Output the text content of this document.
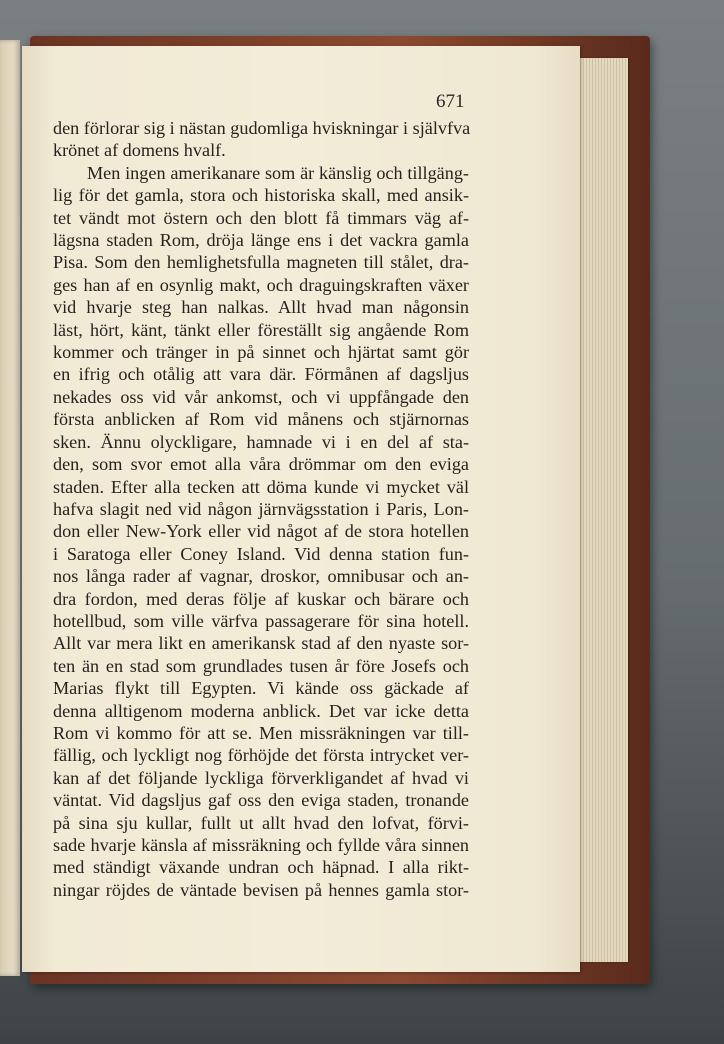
671
den förlorar sig i nästan gudomliga hviskningar i självfva
krönet af domens hvalf.
Men ingen amerikanare som är känslig och tillgäng-
lig för det gamla, stora och historiska skall, med ansik-
tet vändt mot östern och den blott få timmars väg af-
lägsna staden Rom, dröja länge ens i det vackra gamla
Pisa. Som den hemlighetsfulla magneten till stålet, dra-
ges han af en osynlig makt, och draguingskraften växer
vid hvarje steg han nalkas. Allt hvad man någonsin
läst, hört, känt, tänkt eller föreställt sig angående Rom
kommer och tränger in på sinnet och hjärtat samt gör
en ifrig och otålig att vara där. Förmånen af dagsljus
nekades oss vid vår ankomst, och vi uppfångade den
första anblicken af Rom vid månens och stjärnornas
sken. Ännu olyckligare, hamnade vi i en del af sta-
den, som svor emot alla våra drömmar om den eviga
staden. Efter alla tecken att döma kunde vi mycket väl
hafva slagit ned vid någon järnvägsstation i Paris, Lon-
don eller New-York eller vid något af de stora hotellen
i Saratoga eller Coney Island. Vid denna station fun-
nos långa rader af vagnar, droskor, omnibusar och an-
dra fordon, med deras följe af kuskar och bärare och
hotellbud, som ville värfva passagerare för sina hotell.
Allt var mera likt en amerikansk stad af den nyaste sor-
ten än en stad som grundlades tusen år före Josefs och
Marias flykt till Egypten. Vi kände oss gäckade af
denna alltigenom moderna anblick. Det var icke detta
Rom vi kommo för att se. Men missräkningen var till-
fällig, och lyckligt nog förhöjde det första intrycket ver-
kan af det följande lyckliga förverkligandet af hvad vi
väntat. Vid dagsljus gaf oss den eviga staden, tronande
på sina sju kullar, fullt ut allt hvad den lofvat, förvi-
sade hvarje känsla af missräkning och fyllde våra sinnen
med ständigt växande undran och häpnad. I alla rikt-
ningar röjdes de väntade bevisen på hennes gamla stor-
